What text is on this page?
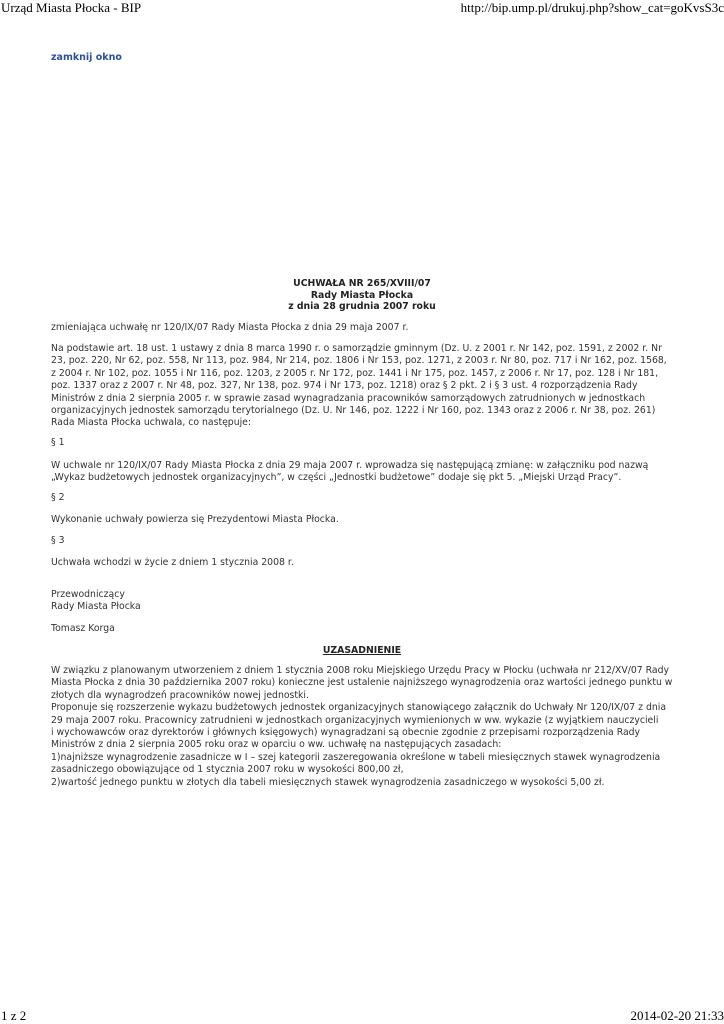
Urząd Miasta Płocka - BIP	http://bip.ump.pl/drukuj.php?show_cat=goKvsS3c
zamknij okno
UCHWAŁA NR 265/XVIII/07
Rady Miasta Płocka
z dnia 28 grudnia 2007 roku

zmieniająca uchwałę nr 120/IX/07 Rady Miasta Płocka z dnia 29 maja 2007 r.

Na podstawie art. 18 ust. 1 ustawy z dnia 8 marca 1990 r. o samorządzie gminnym (Dz. U. z 2001 r. Nr 142, poz. 1591, z 2002 r. Nr 23, poz. 220, Nr 62, poz. 558, Nr 113, poz. 984, Nr 214, poz. 1806 i Nr 153, poz. 1271, z 2003 r. Nr 80, poz. 717 i Nr 162, poz. 1568, z 2004 r. Nr 102, poz. 1055 i Nr 116, poz. 1203, z 2005 r. Nr 172, poz. 1441 i Nr 175, poz. 1457, z 2006 r. Nr 17, poz. 128 i Nr 181, poz. 1337 oraz z 2007 r. Nr 48, poz. 327, Nr 138, poz. 974 i Nr 173, poz. 1218) oraz § 2 pkt. 2 i § 3 ust. 4 rozporządzenia Rady Ministrów z dnia 2 sierpnia 2005 r. w sprawie zasad wynagradzania pracowników samorządowych zatrudnionych w jednostkach organizacyjnych jednostek samorządu terytorialnego (Dz. U. Nr 146, poz. 1222 i Nr 160, poz. 1343 oraz z 2006 r. Nr 38, poz. 261) Rada Miasta Płocka uchwala, co następuje:

§ 1

W uchwale nr 120/IX/07 Rady Miasta Płocka z dnia 29 maja 2007 r. wprowadza się następującą zmianę: w załączniku pod nazwą „Wykaz budżetowych jednostek organizacyjnych”, w części „Jednostki budżetowe” dodaje się pkt 5. „Miejski Urząd Pracy”.

§ 2

Wykonanie uchwały powierza się Prezydentowi Miasta Płocka.

§ 3

Uchwała wchodzi w życie z dniem 1 stycznia 2008 r.

Przewodniczący

Rady Miasta Płocka

Tomasz Korga

UZASADNIENIE
W związku z planowanym utworzeniem z dniem 1 stycznia 2008 roku Miejskiego Urzędu Pracy w Płocku (uchwała nr 212/XV/07 Rady
Miasta Płocka z dnia 30 października 2007 roku) konieczne jest ustalenie najniższego wynagrodzenia oraz wartości jednego punktu w
złotych dla wynagrodzeń pracowników nowej jednostki.
Proponuje się rozszerzenie wykazu budżetowych jednostek organizacyjnych stanowiącego załącznik do Uchwały Nr 120/IX/07 z dnia
29 maja 2007 roku. Pracownicy zatrudnieni w jednostkach organizacyjnych wymienionych w ww. wykazie (z wyjątkiem nauczycieli
i wychowawców oraz dyrektorów i głównych księgowych) wynagradzani są obecnie zgodnie z przepisami rozporządzenia Rady
Ministrów z dnia 2 sierpnia 2005 roku oraz w oparciu o ww. uchwałę na następujących zasadach:
1)najniższe wynagrodzenie zasadnicze w I – szej kategorii zaszeregowania określone w tabeli miesięcznych stawek wynagrodzenia
zasadniczego obowiązujące od 1 stycznia 2007 roku w wysokości 800,00 zł,
2)wartość jednego punktu w złotych dla tabeli miesięcznych stawek wynagrodzenia zasadniczego w wysokości 5,00 zł.
1 z 2	2014-02-20 21:33
